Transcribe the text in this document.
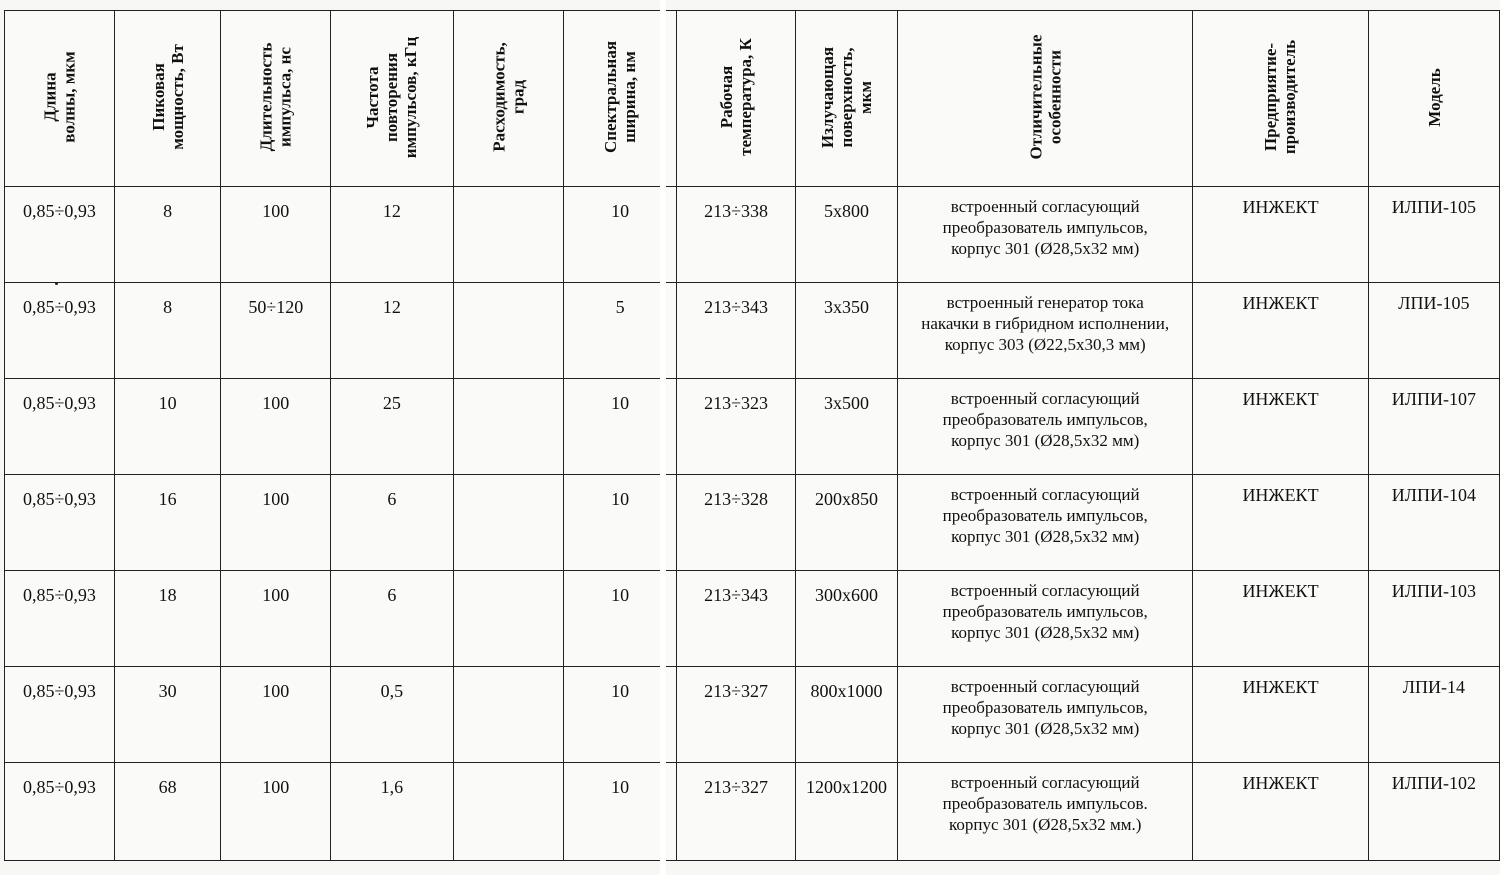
Длина
волны, мкм	Пиковая
мощность, Вт	Длительность
импульса, нс	Частота
повторения
импульсов, кГц	Расходимость,
град	Спектральная
ширина, нм	Рабочая
температура, К	Излучающая
поверхность,
мкм	Отличительные
особенности	Предприятие-
производитель	Модель

0,85÷0,93	8	100	12		10	213÷338	5x800	встроенный согласующий
преобразователь импульсов,
корпус 301 (Ø28,5x32 мм)	ИНЖЕКТ	ИЛПИ-105

0,85÷0,93	8	50÷120	12		5	213÷343	3x350	встроенный генератор тока
накачки в гибридном исполнении,
корпус 303 (Ø22,5x30,3 мм)	ИНЖЕКТ	ЛПИ-105

0,85÷0,93	10	100	25		10	213÷323	3x500	встроенный согласующий
преобразователь импульсов,
корпус 301 (Ø28,5x32 мм)	ИНЖЕКТ	ИЛПИ-107

0,85÷0,93	16	100	6		10	213÷328	200x850	встроенный согласующий
преобразователь импульсов,
корпус 301 (Ø28,5x32 мм)	ИНЖЕКТ	ИЛПИ-104

0,85÷0,93	18	100	6		10	213÷343	300x600	встроенный согласующий
преобразователь импульсов,
корпус 301 (Ø28,5x32 мм)	ИНЖЕКТ	ИЛПИ-103

0,85÷0,93	30	100	0,5		10	213÷327	800x1000	встроенный согласующий
преобразователь импульсов,
корпус 301 (Ø28,5x32 мм)	ИНЖЕКТ	ЛПИ-14

0,85÷0,93	68	100	1,6		10	213÷327	1200x1200	встроенный согласующий
преобразователь импульсов.
корпус 301 (Ø28,5x32 мм.)	ИНЖЕКТ	ИЛПИ-102
